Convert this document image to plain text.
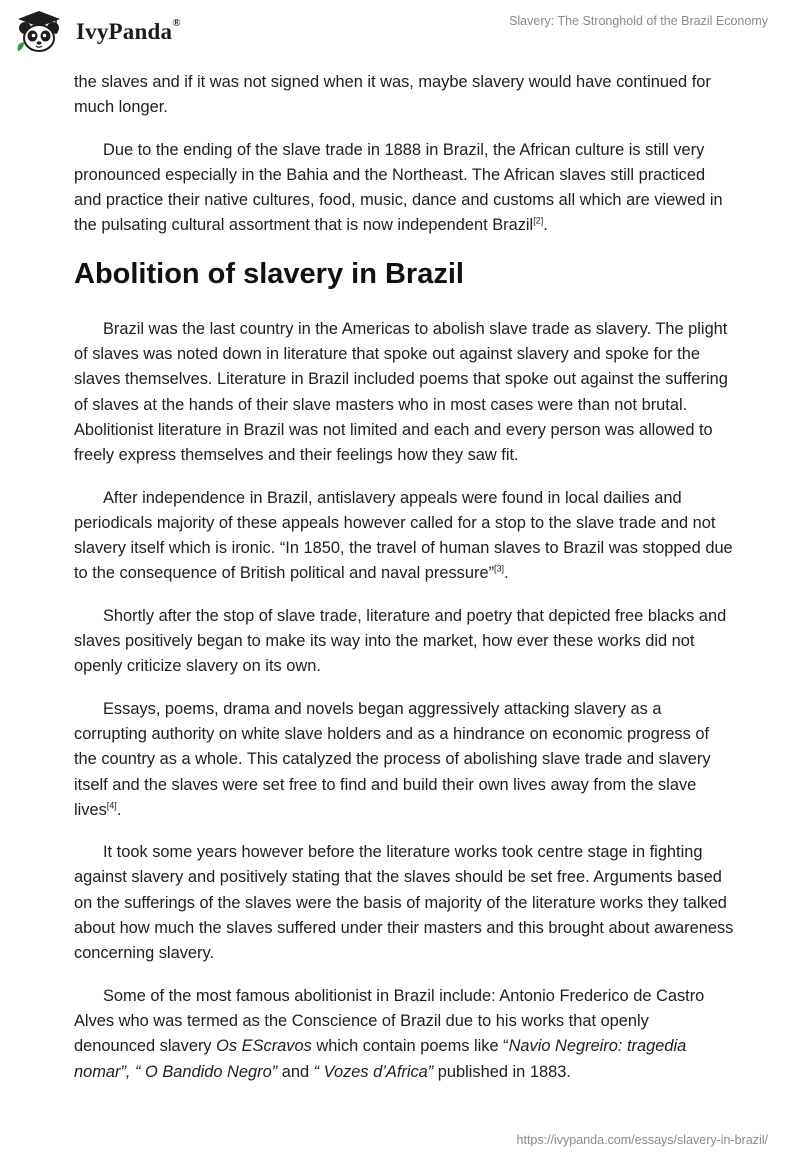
IvyPanda®	Slavery: The Stronghold of the Brazil Economy

the slaves and if it was not signed when it was, maybe slavery would have continued for much longer.

Due to the ending of the slave trade in 1888 in Brazil, the African culture is still very pronounced especially in the Bahia and the Northeast. The African slaves still practiced and practice their native cultures, food, music, dance and customs all which are viewed in the pulsating cultural assortment that is now independent Brazil[2].

Abolition of slavery in Brazil

Brazil was the last country in the Americas to abolish slave trade as slavery. The plight of slaves was noted down in literature that spoke out against slavery and spoke for the slaves themselves. Literature in Brazil included poems that spoke out against the suffering of slaves at the hands of their slave masters who in most cases were than not brutal. Abolitionist literature in Brazil was not limited and each and every person was allowed to freely express themselves and their feelings how they saw fit.

After independence in Brazil, antislavery appeals were found in local dailies and periodicals majority of these appeals however called for a stop to the slave trade and not slavery itself which is ironic. “In 1850, the travel of human slaves to Brazil was stopped due to the consequence of British political and naval pressure”[3].

Shortly after the stop of slave trade, literature and poetry that depicted free blacks and slaves positively began to make its way into the market, how ever these works did not openly criticize slavery on its own.

Essays, poems, drama and novels began aggressively attacking slavery as a corrupting authority on white slave holders and as a hindrance on economic progress of the country as a whole. This catalyzed the process of abolishing slave trade and slavery itself and the slaves were set free to find and build their own lives away from the slave lives[4].

It took some years however before the literature works took centre stage in fighting against slavery and positively stating that the slaves should be set free. Arguments based on the sufferings of the slaves were the basis of majority of the literature works they talked about how much the slaves suffered under their masters and this brought about awareness concerning slavery.

Some of the most famous abolitionist in Brazil include: Antonio Frederico de Castro Alves who was termed as the Conscience of Brazil due to his works that openly denounced slavery Os EScravos which contain poems like “Navio Negreiro: tragedia nomar”, “ O Bandido Negro” and “ Vozes d’Africa” published in 1883.

https://ivypanda.com/essays/slavery-in-brazil/
